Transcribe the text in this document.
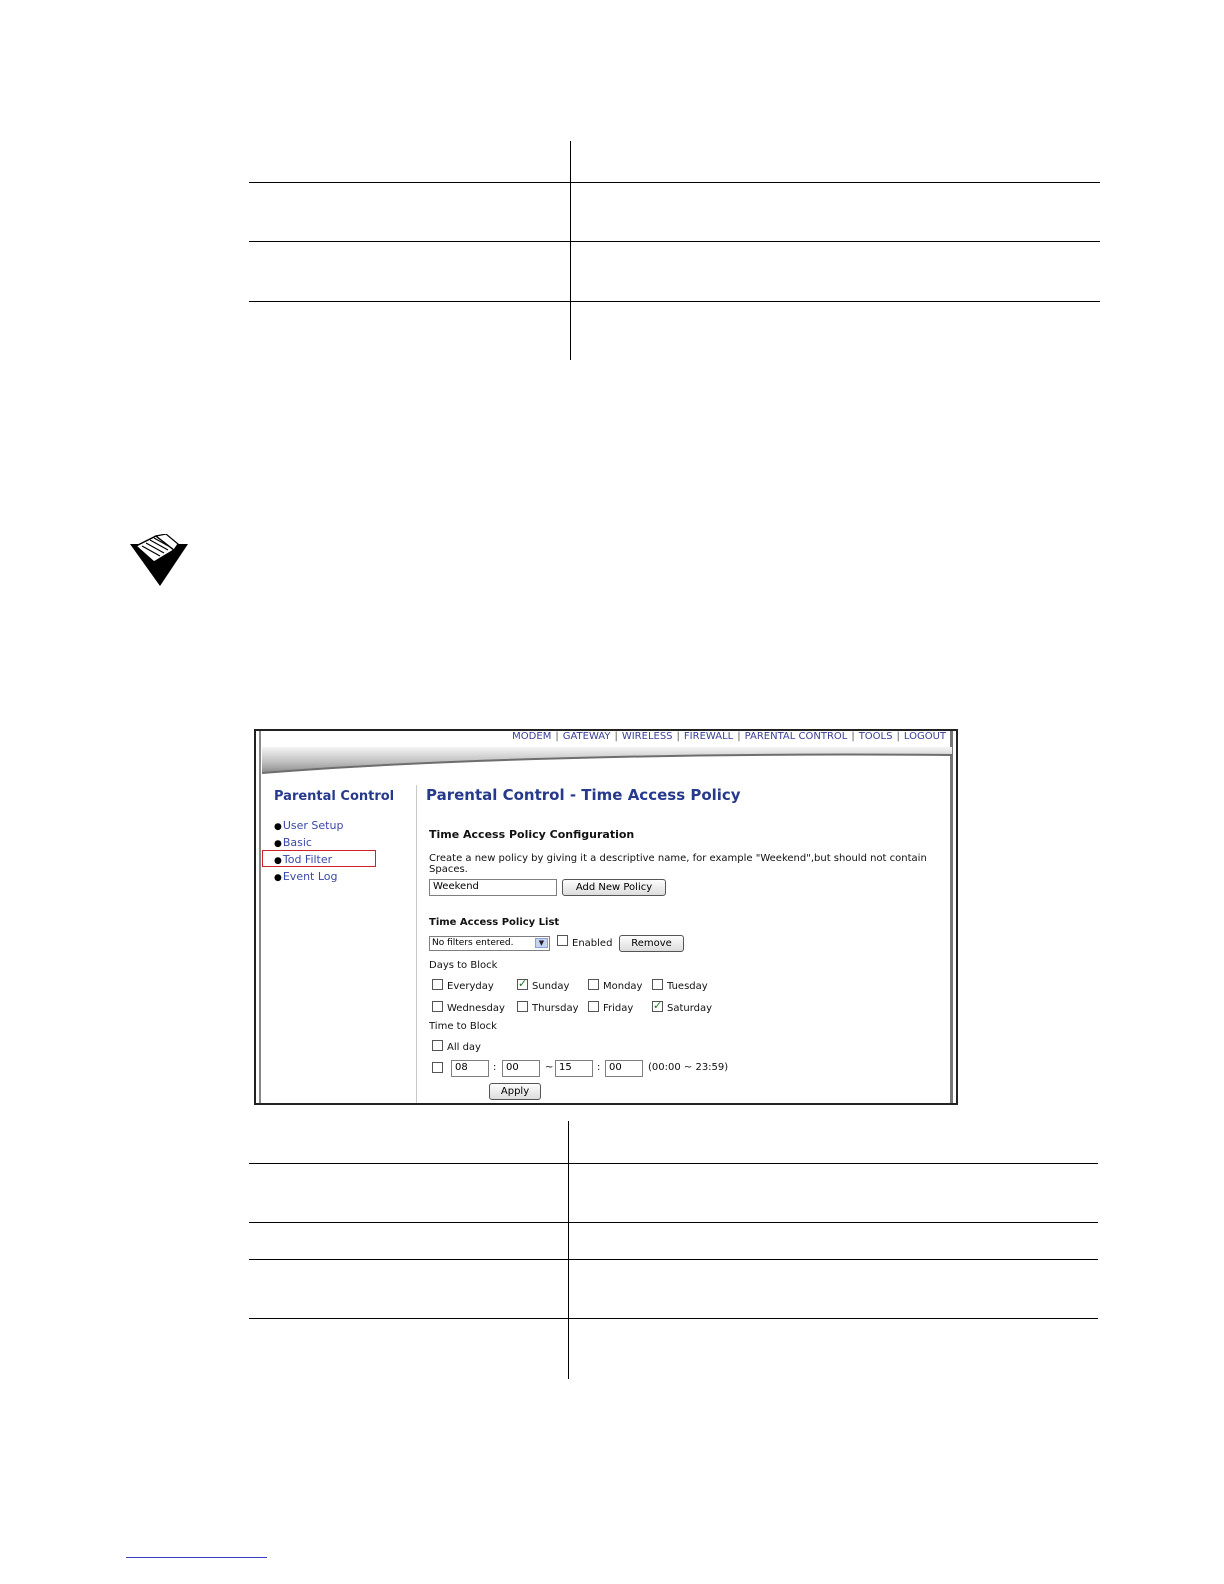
MODEM | GATEWAY | WIRELESS | FIREWALL | PARENTAL CONTROL | TOOLS | LOGOUT
Parental Control
●User Setup
●Basic
●Tod Filter
●Event Log
Parental Control - Time Access Policy
Time Access Policy Configuration
Create a new policy by giving it a descriptive name, for example "Weekend",but should not contain Spaces.
Weekend	Add New Policy
Time Access Policy List
No filters entered.	▼	Enabled	Remove
Days to Block
Everyday ✓	Sunday	Monday Tuesday
Wednesday	Thursday Friday ✓	Saturday
Time to Block
All day
08	: 00	~ 15	: 00	(00:00 ~ 23:59)
Apply
